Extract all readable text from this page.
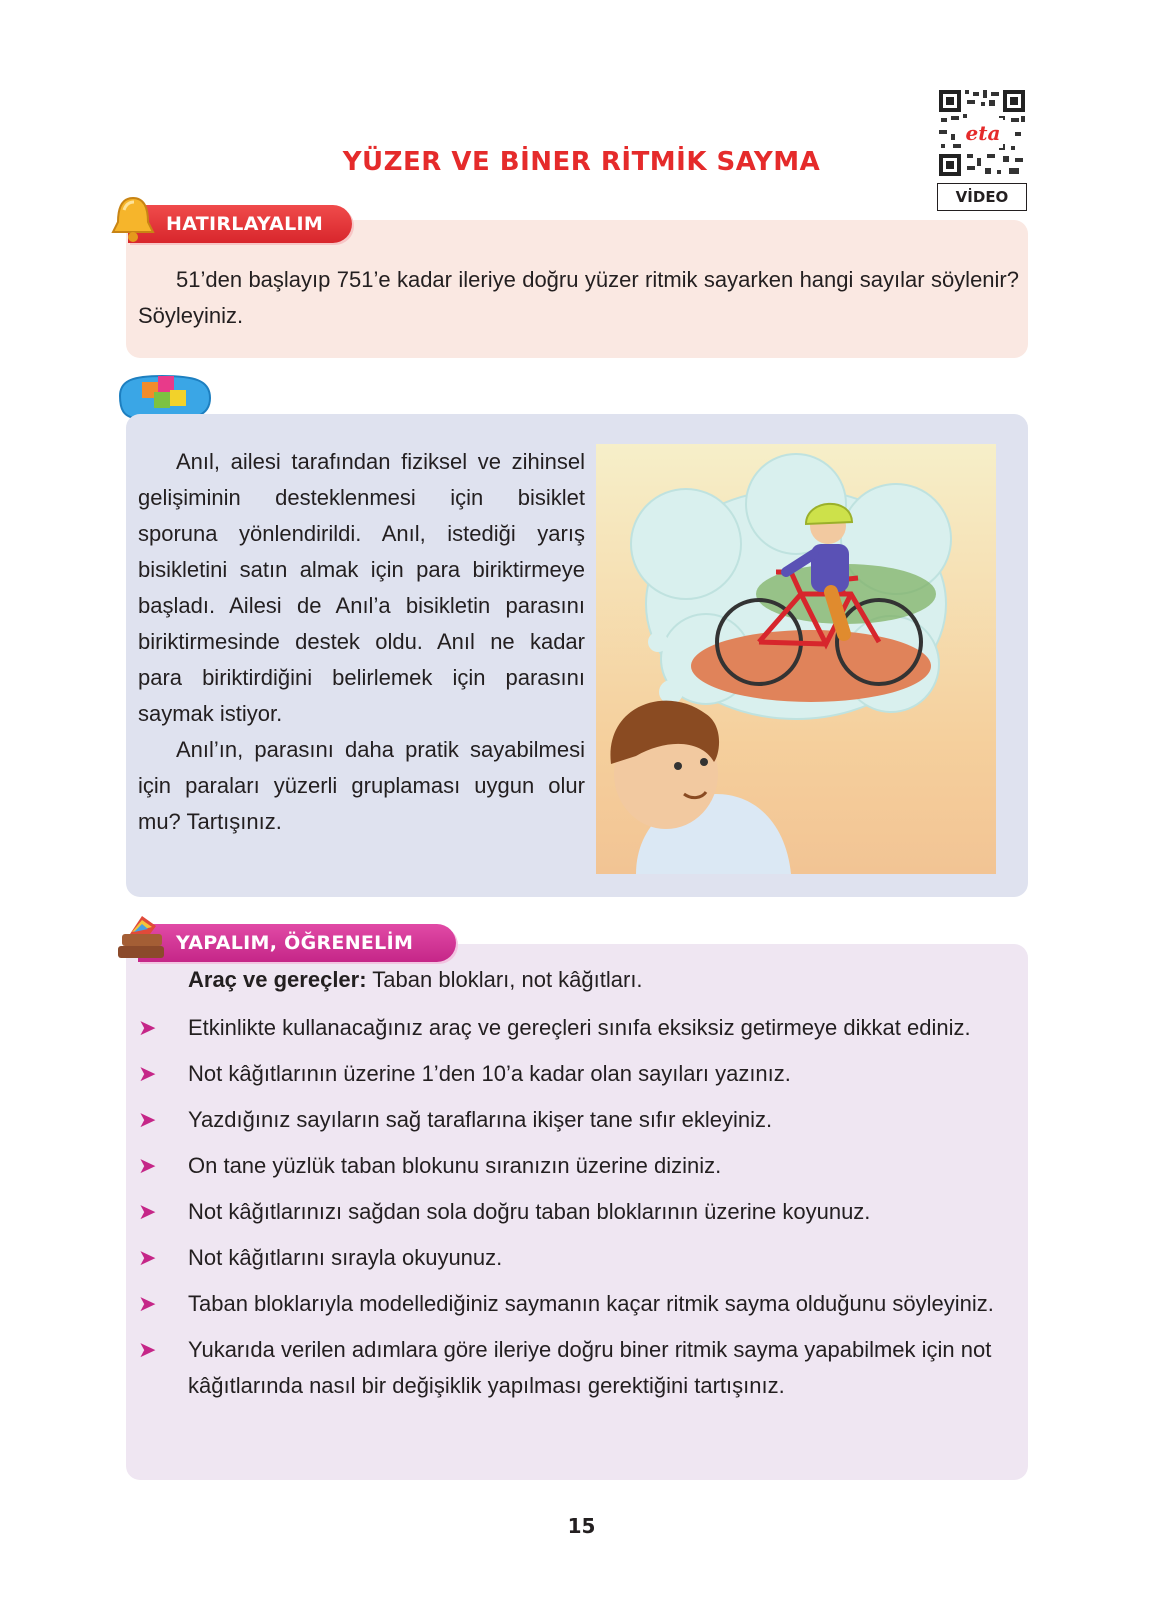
YÜZER VE BİNER RİTMİK SAYMA
eta
VİDEO

51’den başlayıp 751’e kadar ileriye doğru yüzer ritmik sayarken hangi sayılar söylenir? Söyleyiniz.

HATIRLAYALIM

Anıl, ailesi tarafından fiziksel ve zihinsel gelişiminin desteklenmesi için bisiklet sporuna yönlendirildi. Anıl, istediği yarış bisikletini satın almak için para biriktirmeye başladı. Ailesi de Anıl’a bisikletin parasını biriktirmesinde destek oldu. Anıl ne kadar para biriktirdiğini belirlemek için parasını saymak istiyor.

Anıl’ın, parasını daha pratik sayabilmesi için paraları yüzerli gruplaması uygun olur mu? Tartışınız.

Araç ve gereçler: Taban blokları, not kâğıtları.
➤ Etkinlikte kullanacağınız araç ve gereçleri sınıfa eksiksiz getirmeye dikkat ediniz.
➤ Not kâğıtlarının üzerine 1’den 10’a kadar olan sayıları yazınız.
➤ Yazdığınız sayıların sağ taraflarına ikişer tane sıfır ekleyiniz.
➤ On tane yüzlük taban blokunu sıranızın üzerine diziniz.
➤ Not kâğıtlarınızı sağdan sola doğru taban bloklarının üzerine koyunuz.
➤ Not kâğıtlarını sırayla okuyunuz.
➤ Taban bloklarıyla modellediğiniz saymanın kaçar ritmik sayma olduğunu söyleyiniz.
➤ Yukarıda verilen adımlara göre ileriye doğru biner ritmik sayma yapabilmek için not kâğıtlarında nasıl bir değişiklik yapılması gerektiğini tartışınız.
YAPALIM, ÖĞRENELİM
15
